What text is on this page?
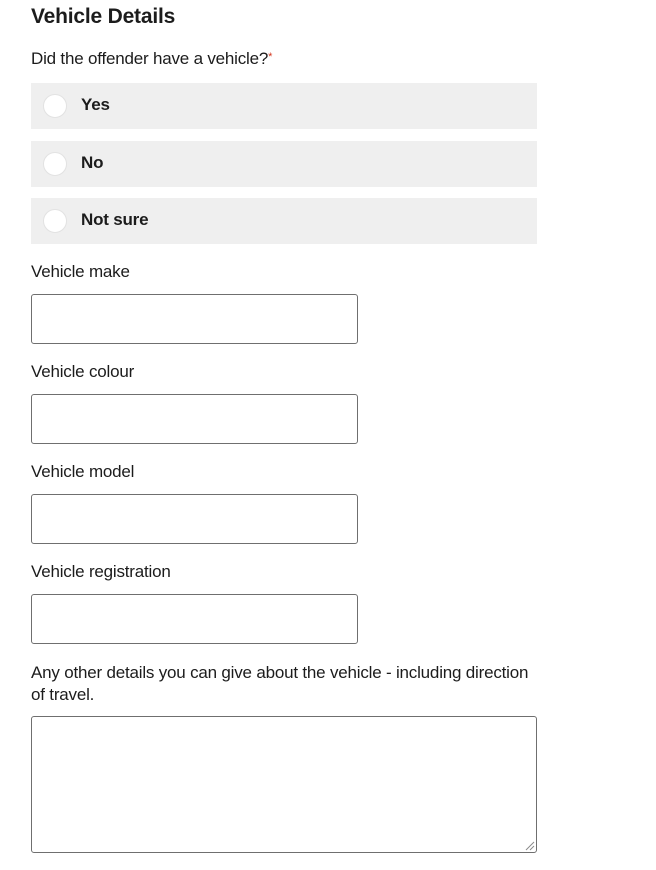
Vehicle Details
Did the offender have a vehicle?*
Yes
No
Not sure
Vehicle make
Vehicle colour
Vehicle model
Vehicle registration
Any other details you can give about the vehicle - including direction of travel.
